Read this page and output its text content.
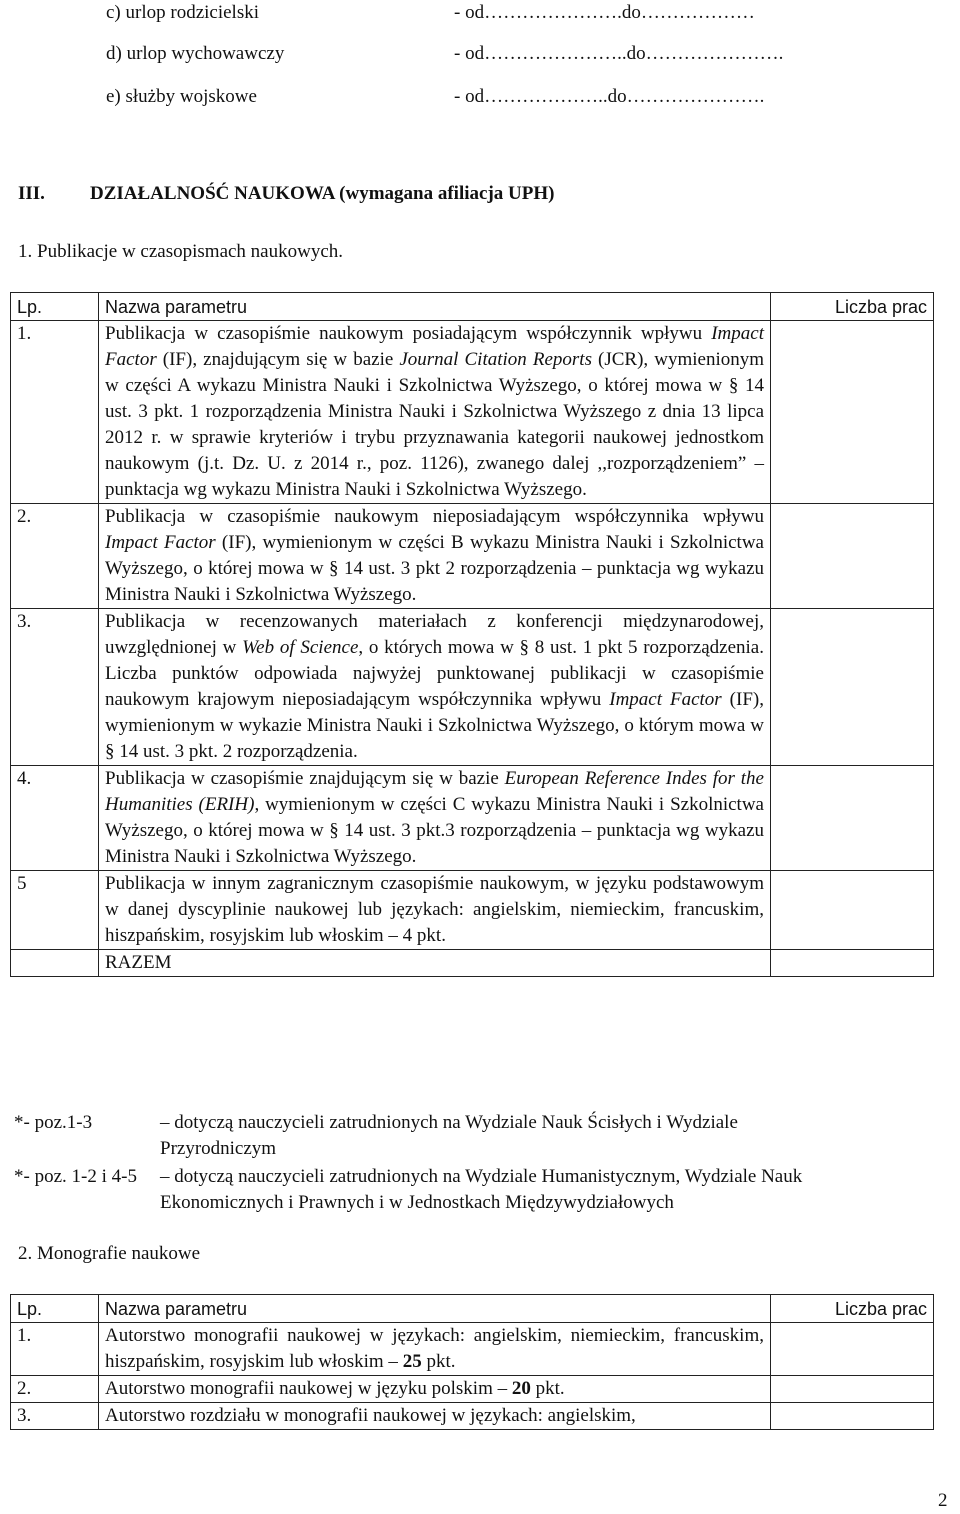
c) urlop rodzicielski	- od………………….do………………
d) urlop wychowawczy	- od…………………..do………………….
e) służby wojskowe	- od………………..do………………….
III. DZIAŁALNOŚĆ NAUKOWA (wymagana afiliacja UPH)
1. Publikacje w czasopismach naukowych.
Lp.	Nazwa parametru	Liczba prac
1.	Publikacja w czasopiśmie naukowym posiadającym współczynnik wpływu Impact Factor (IF), znajdującym się w bazie Journal Citation Reports (JCR), wymienionym w części A wykazu Ministra Nauki i Szkolnictwa Wyższego, o której mowa w § 14 ust. 3 pkt. 1 rozporządzenia Ministra Nauki i Szkolnictwa Wyższego z dnia 13 lipca 2012 r. w sprawie kryteriów i trybu przyznawania kategorii naukowej jednostkom naukowym (j.t. Dz. U. z 2014 r., poz. 1126), zwanego dalej ,,rozporządzeniem” – punktacja wg wykazu Ministra Nauki i Szkolnictwa Wyższego.	
2.	Publikacja w czasopiśmie naukowym nieposiadającym współczynnika wpływu Impact Factor (IF), wymienionym w części B wykazu Ministra Nauki i Szkolnictwa Wyższego, o której mowa w § 14 ust. 3 pkt 2 rozporządzenia – punktacja wg wykazu Ministra Nauki i Szkolnictwa Wyższego.	
3.	Publikacja w recenzowanych materiałach z konferencji międzynarodowej, uwzględnionej w Web of Science, o których mowa w § 8 ust. 1 pkt 5 rozporządzenia. Liczba punktów odpowiada najwyżej punktowanej publikacji w czasopiśmie naukowym krajowym nieposiadającym współczynnika wpływu Impact Factor (IF), wymienionym w wykazie Ministra Nauki i Szkolnictwa Wyższego, o którym mowa w § 14 ust. 3 pkt. 2 rozporządzenia.	
4.	Publikacja w czasopiśmie znajdującym się w bazie European Reference Indes for the Humanities (ERIH), wymienionym w części C wykazu Ministra Nauki i Szkolnictwa Wyższego, o której mowa w § 14 ust. 3 pkt.3 rozporządzenia – punktacja wg wykazu Ministra Nauki i Szkolnictwa Wyższego.	
5	Publikacja w innym zagranicznym czasopiśmie naukowym, w języku podstawowym w danej dyscyplinie naukowej lub językach: angielskim, niemieckim, francuskim, hiszpańskim, rosyjskim lub włoskim – 4 pkt.	
	RAZEM	
*- poz.1-3	– dotyczą nauczycieli zatrudnionych na Wydziale Nauk Ścisłych i Wydziale
Przyrodniczym
*- poz. 1-2 i 4-5 – dotyczą nauczycieli zatrudnionych na Wydziale Humanistycznym, Wydziale Nauk
Ekonomicznych i Prawnych i w Jednostkach Międzywydziałowych
2. Monografie naukowe
Lp.	Nazwa parametru	Liczba prac
1.	Autorstwo monografii naukowej w językach: angielskim, niemieckim, francuskim, hiszpańskim, rosyjskim lub włoskim – 25 pkt.	
2.	Autorstwo monografii naukowej w języku polskim – 20 pkt.	
3.	Autorstwo rozdziału w monografii naukowej w językach: angielskim,	
2
